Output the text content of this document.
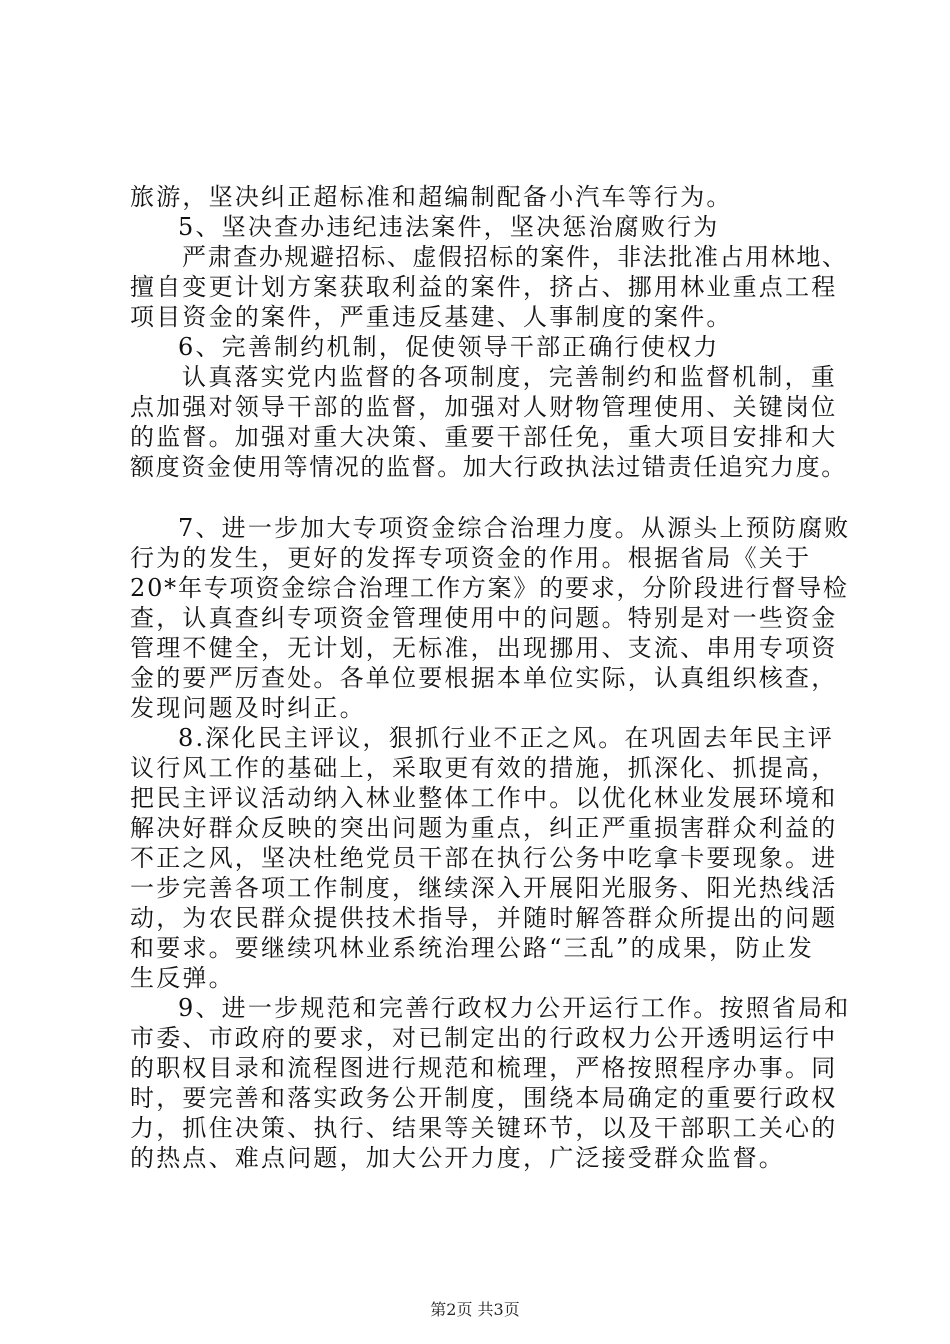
旅游，坚决纠正超标准和超编制配备小汽车等行为。
5、坚决查办违纪违法案件，坚决惩治腐败行为
严肃查办规避招标、虚假招标的案件，非法批准占用林地、
擅自变更计划方案获取利益的案件，挤占、挪用林业重点工程
项目资金的案件，严重违反基建、人事制度的案件。
6、完善制约机制，促使领导干部正确行使权力
认真落实党内监督的各项制度，完善制约和监督机制，重
点加强对领导干部的监督，加强对人财物管理使用、关键岗位
的监督。加强对重大决策、重要干部任免，重大项目安排和大
额度资金使用等情况的监督。加大行政执法过错责任追究力度。
7、进一步加大专项资金综合治理力度。从源头上预防腐败
行为的发生，更好的发挥专项资金的作用。根据省局《关于
20*年专项资金综合治理工作方案》的要求，分阶段进行督导检
查，认真查纠专项资金管理使用中的问题。特别是对一些资金
管理不健全，无计划，无标准，出现挪用、支流、串用专项资
金的要严厉查处。各单位要根据本单位实际，认真组织核查，
发现问题及时纠正。
8.深化民主评议，狠抓行业不正之风。在巩固去年民主评
议行风工作的基础上，采取更有效的措施，抓深化、抓提高，
把民主评议活动纳入林业整体工作中。以优化林业发展环境和
解决好群众反映的突出问题为重点，纠正严重损害群众利益的
不正之风，坚决杜绝党员干部在执行公务中吃拿卡要现象。进
一步完善各项工作制度，继续深入开展阳光服务、阳光热线活
动，为农民群众提供技术指导，并随时解答群众所提出的问题
和要求。要继续巩林业系统治理公路“三乱”的成果，防止发
生反弹。
9、进一步规范和完善行政权力公开运行工作。按照省局和
市委、市政府的要求，对已制定出的行政权力公开透明运行中
的职权目录和流程图进行规范和梳理，严格按照程序办事。同
时，要完善和落实政务公开制度，围绕本局确定的重要行政权
力，抓住决策、执行、结果等关键环节，以及干部职工关心的
的热点、难点问题，加大公开力度，广泛接受群众监督。
第2页 共3页
